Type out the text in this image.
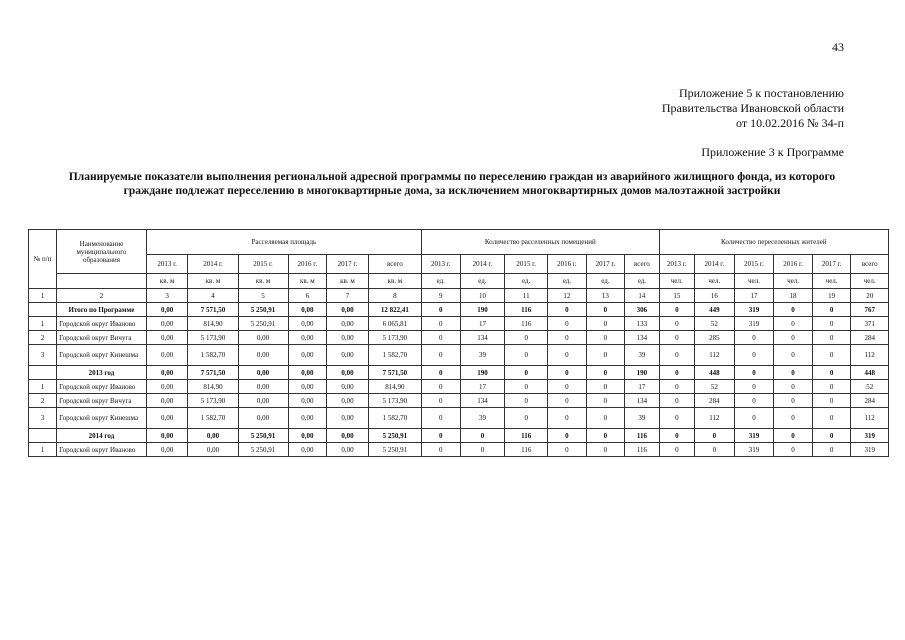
43
Приложение 5 к постановлению
Правительства Ивановской области
от 10.02.2016 № 34-п
Приложение 3 к Программе
Планируемые показатели выполнения региональной адресной программы по переселению граждан из аварийного жилищного фонда, из которого граждане подлежат переселению в многоквартирные дома, за исключением многоквартирных домов малоэтажной застройки
№ п/п	Наименование муниципального образования	Расселяемая площадь						Количество расселенных помещений						Количество переселенных жителей					
		2013 г.	2014 г.	2015 г.	2016 г.	2017 г.	всего	2013 г.	2014 г.	2015 г.	2016 г.	2017 г.	всего	2013 г.	2014 г.	2015 г.	2016 г.	2017 г.	всего
		кв. м	кв. м	кв. м	кв. м	кв. м	кв. м	ед.	ед.	ед.	ед.	ед.	ед.	чел.	чел.	чел.	чел.	чел.	чел.
1	2	3	4	5	6	7	8	9	10	11	12	13	14	15	16	17	18	19	20
	Итого по Программе	0,00	7 571,50	5 250,91	0,00	0,00	12 822,41	0	190	116	0	0	306	0	449	319	0	0	767
1	Городской округ Иваново	0,00	814,90	5 250,91	0,00	0,00	6 065,81	0	17	116	0	0	133	0	52	319	0	0	371
2	Городской округ Вичуга	0,00	5 173,90	0,00	0,00	0,00	5 173,90	0	134	0	0	0	134	0	285	0	0	0	284
3	Городской округ Кинешма	0,00	1 582,70	0,00	0,00	0,00	1 582,70	0	39	0	0	0	39	0	112	0	0	0	112
	2013 год	0,00	7 571,50	0,00	0,00	0,00	7 571,50	0	190	0	0	0	190	0	448	0	0	0	448
1	Городской округ Иваново	0,00	814,90	0,00	0,00	0,00	814,90	0	17	0	0	0	17	0	52	0	0	0	52
2	Городской округ Вичуга	0,00	5 173,90	0,00	0,00	0,00	5 173,90	0	134	0	0	0	134	0	284	0	0	0	284
3	Городской округ Кинешма	0,00	1 582,70	0,00	0,00	0,00	1 582,70	0	39	0	0	0	39	0	112	0	0	0	112
	2014 год	0,00	0,00	5 250,91	0,00	0,00	5 250,91	0	0	116	0	0	116	0	0	319	0	0	319
1	Городской округ Иваново	0,00	0,00	5 250,91	0,00	0,00	5 250,91	0	0	116	0	0	116	0	0	319	0	0	319
